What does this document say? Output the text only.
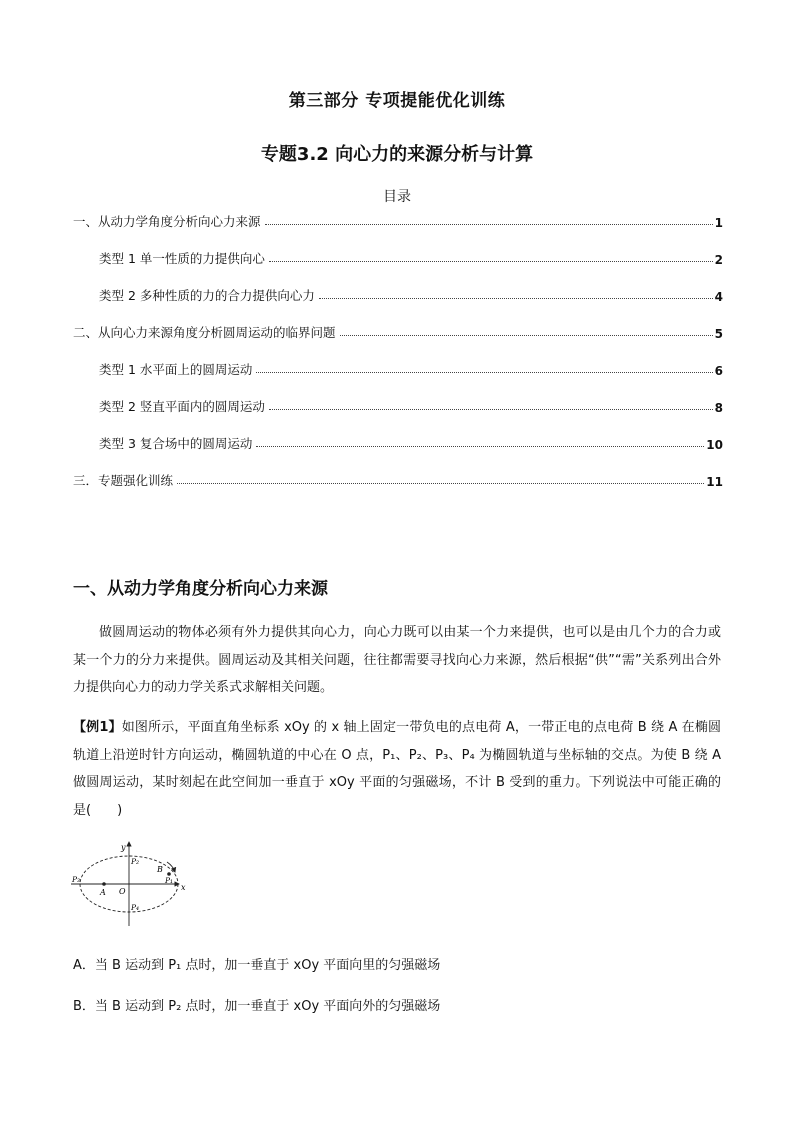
第三部分 专项提能优化训练
专题3.2 向心力的来源分析与计算
目录
一、从动力学角度分析向心力来源	1
类型 1 单一性质的力提供向心	2
类型 2 多种性质的力的合力提供向心力	4
二、从向心力来源角度分析圆周运动的临界问题	5
类型 1 水平面上的圆周运动	6
类型 2 竖直平面内的圆周运动	8
类型 3 复合场中的圆周运动	10
三．专题强化训练	11
一、从动力学角度分析向心力来源
做圆周运动的物体必须有外力提供其向心力，向心力既可以由某一个力来提供，也可以是由几个力的合力或某一个力的分力来提供。圆周运动及其相关问题，往往都需要寻找向心力来源，然后根据“供”“需”关系列出合外力提供向心力的动力学关系式求解相关问题。
【例1】如图所示，平面直角坐标系 xOy 的 x 轴上固定一带负电的点电荷 A，一带正电的点电荷 B 绕 A 在椭圆轨道上沿逆时针方向运动，椭圆轨道的中心在 O 点，P₁、P₂、P₃、P₄ 为椭圆轨道与坐标轴的交点。为使 B 绕 A 做圆周运动，某时刻起在此空间加一垂直于 xOy 平面的匀强磁场，不计 B 受到的重力。下列说法中可能正确的是(　　)
y
x
O
A
B
P₁
P₂
P₃
P₄
A．当 B 运动到 P₁ 点时，加一垂直于 xOy 平面向里的匀强磁场
B．当 B 运动到 P₂ 点时，加一垂直于 xOy 平面向外的匀强磁场
